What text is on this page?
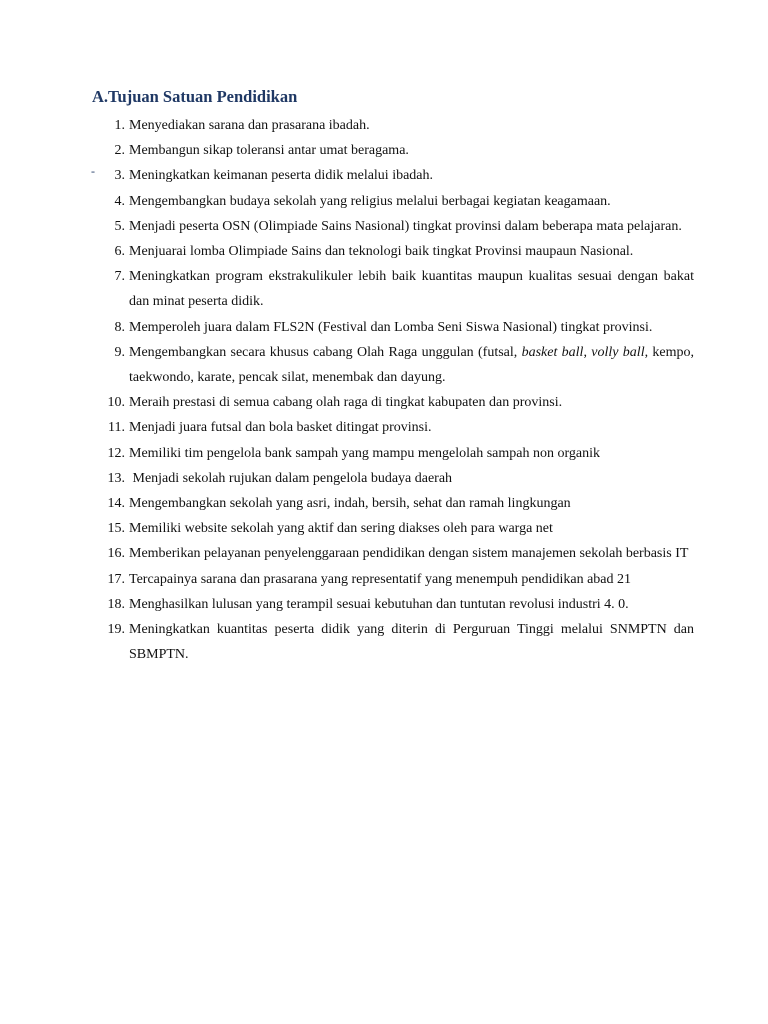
A.Tujuan Satuan Pendidikan
-
1. Menyediakan sarana dan prasarana ibadah.
2. Membangun sikap toleransi antar umat beragama.
3. Meningkatkan keimanan peserta didik melalui ibadah.
4. Mengembangkan budaya sekolah yang religius melalui berbagai kegiatan keagamaan.
5. Menjadi peserta OSN (Olimpiade Sains Nasional) tingkat provinsi dalam beberapa mata pelajaran.
6. Menjuarai lomba Olimpiade Sains dan teknologi baik tingkat Provinsi maupaun Nasional.
7. Meningkatkan program ekstrakulikuler lebih baik kuantitas maupun kualitas sesuai dengan bakat dan minat peserta didik.
8. Memperoleh juara dalam FLS2N (Festival dan Lomba Seni Siswa Nasional) tingkat provinsi.
9. Mengembangkan secara khusus cabang Olah Raga unggulan (futsal, basket ball, volly ball, kempo, taekwondo, karate, pencak silat, menembak dan dayung.
10. Meraih prestasi di semua cabang olah raga di tingkat kabupaten dan provinsi.
11. Menjadi juara futsal dan bola basket ditingat provinsi.
12. Memiliki tim pengelola bank sampah yang mampu mengelolah sampah non organik
13. Menjadi sekolah rujukan dalam pengelola budaya daerah
14. Mengembangkan sekolah yang asri, indah, bersih, sehat dan ramah lingkungan
15. Memiliki website sekolah yang aktif dan sering diakses oleh para warga net
16. Memberikan pelayanan penyelenggaraan pendidikan dengan sistem manajemen sekolah berbasis IT
17. Tercapainya sarana dan prasarana yang representatif yang menempuh pendidikan abad 21
18. Menghasilkan lulusan yang terampil sesuai kebutuhan dan tuntutan revolusi industri 4. 0.
19. Meningkatkan kuantitas peserta didik yang diterin di Perguruan Tinggi melalui SNMPTN dan SBMPTN.
